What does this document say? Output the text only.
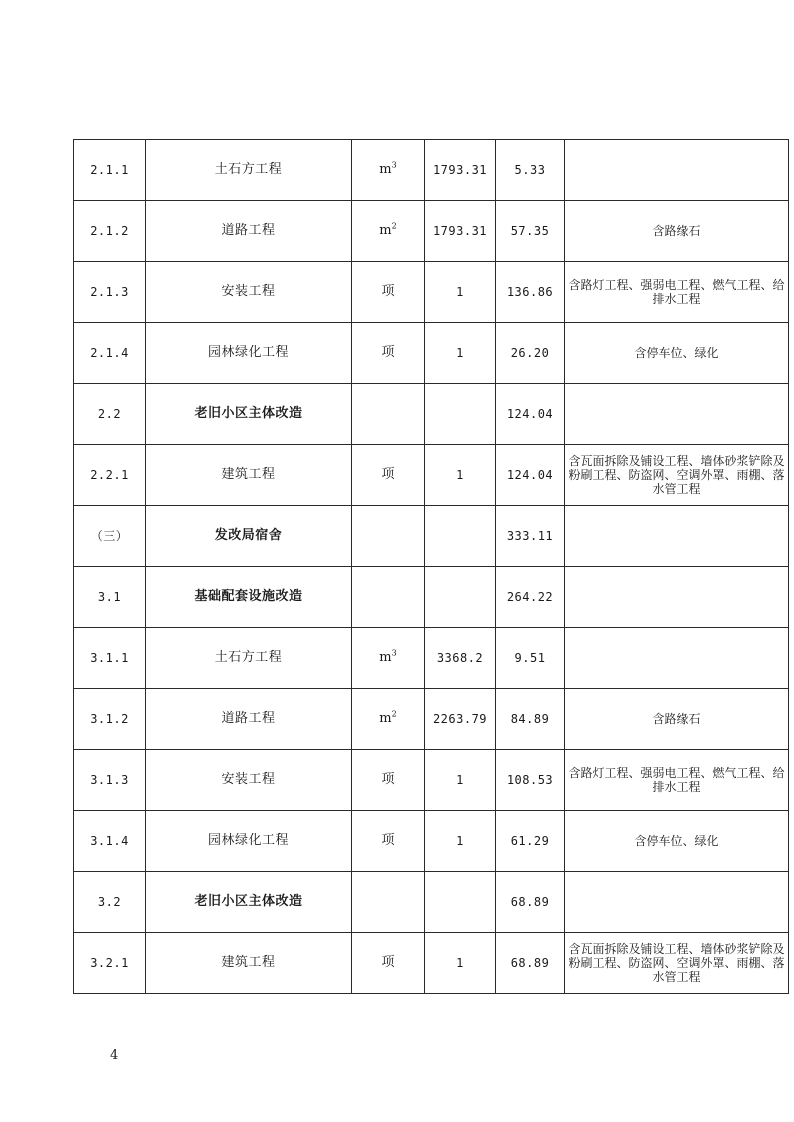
2.1.1	土石方工程	$m^3$	1793.31	5.33	
2.1.2	道路工程	$m^2$	1793.31	57.35	含路缘石
2.1.3	安装工程	项	1	136.86	含路灯工程、强弱电工程、燃气工程、给排水工程
2.1.4	园林绿化工程	项	1	26.20	含停车位、绿化
2.2	老旧小区主体改造			124.04	
2.2.1	建筑工程	项	1	124.04	含瓦面拆除及铺设工程、墙体砂浆铲除及粉刷工程、防盗网、空调外罩、雨棚、落水管工程
（三）	发改局宿舍			333.11	
3.1	基础配套设施改造			264.22	
3.1.1	土石方工程	$m^3$	3368.2	9.51	
3.1.2	道路工程	$m^2$	2263.79	84.89	含路缘石
3.1.3	安装工程	项	1	108.53	含路灯工程、强弱电工程、燃气工程、给排水工程
3.1.4	园林绿化工程	项	1	61.29	含停车位、绿化
3.2	老旧小区主体改造			68.89	
3.2.1	建筑工程	项	1	68.89	含瓦面拆除及铺设工程、墙体砂浆铲除及粉刷工程、防盗网、空调外罩、雨棚、落水管工程
4
